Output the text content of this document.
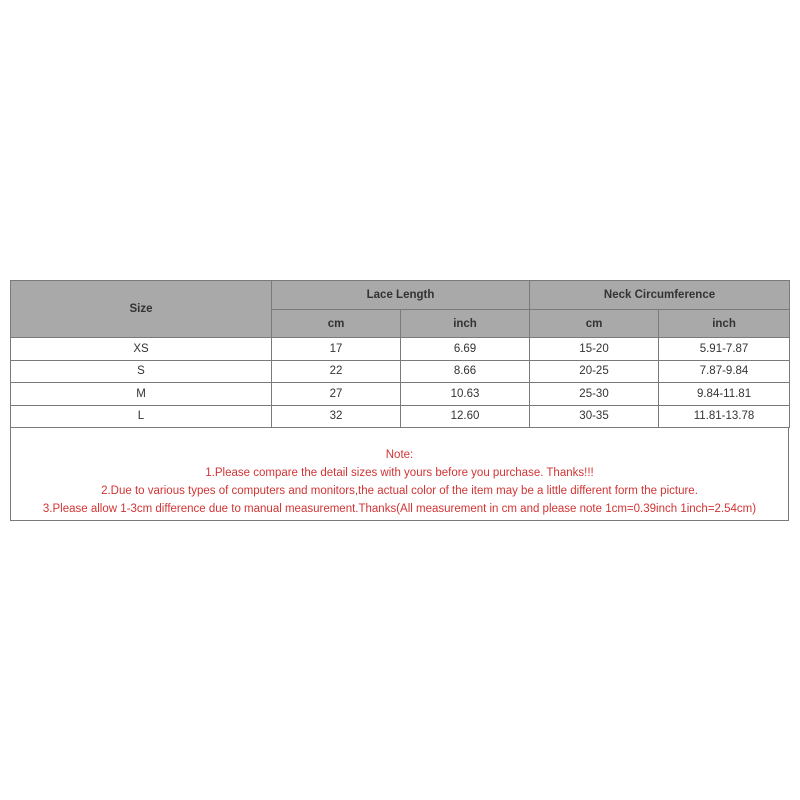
Size	Lace Length		Neck Circumference	
	cm	inch	cm	inch
XS	17	6.69	15-20	5.91-7.87
S	22	8.66	20-25	7.87-9.84
M	27	10.63	25-30	9.84-11.81
L	32	12.60	30-35	11.81-13.78
Note:
1.Please compare the detail sizes with yours before you purchase. Thanks!!!
2.Due to various types of computers and monitors,the actual color of the item may be a little different form the picture.
3.Please allow 1-3cm difference due to manual measurement.Thanks(All measurement in cm and please note 1cm=0.39inch 1inch=2.54cm)
